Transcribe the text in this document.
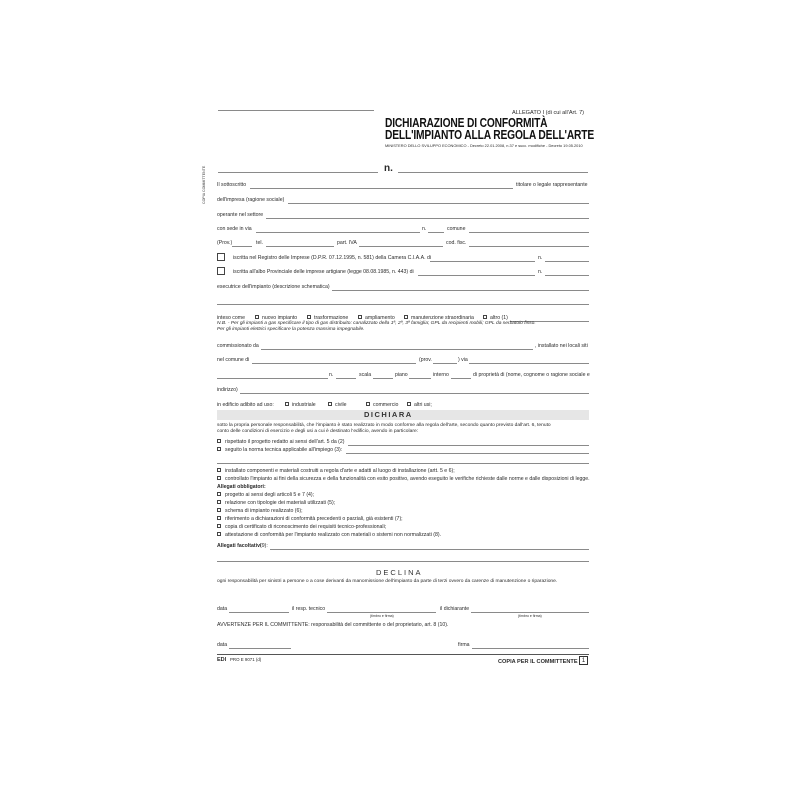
ALLEGATO I (di cui all'Art. 7)
DICHIARAZIONE DI CONFORMITÀ
DELL'IMPIANTO ALLA REGOLA DELL'ARTE
MINISTERO DELLO SVILUPPO ECONOMICO - Decreto 22.01.2008, n.37 e succ. modifiche - Decreto 19.05.2010
n.
COPIA COMMITTENTE Il sottoscritto	titolare o legale rappresentante
dell'impresa (ragione sociale)
operante nel settore
con sede in via	n.	comune
(Prov.)	tel.	part. IVA	cod. fisc.
iscritta nel Registro delle Imprese (D.P.R. 07.12.1995, n. 581) della Camera C.I.A.A. di	n.
iscritta all'albo Provinciale delle imprese artigiane (legge 08.08.1985, n. 443) di	n.
esecutrice dell'impianto (descrizione schematica)
inteso come	nuovo impianto	trasformazione	ampliamento	manutenzione straordinaria	altro (1)
N.B. - Per gli impianti a gas specificare il tipo di gas distribuito: canalizzato della 1ª, 2ª, 3ª famiglia; GPL da recipienti mobili; GPL da serbatoio fisso.
Per gli impianti elettrici specificare la potenza massima impegnabile.
commissionato da	, installato nei locali siti
nel comune di	(prov.	) via
n.	scala	piano	interno	di proprietà di (nome, cognome o ragione sociale e
indirizzo)
in edificio adibito ad uso:	industriale	civile	commercio	altri usi;
DICHIARA
sotto la propria personale responsabilità, che l'impianto è stato realizzato in modo conforme alla regola dell'arte, secondo quanto previsto dall'art. 6, tenuto
conto delle condizioni di esercizio e degli usi a cui è destinato l'edificio, avendo in particolare:
rispettato il progetto redatto ai sensi dell'art. 5 da (2)
seguito la norma tecnica applicabile all'impiego (3):
installato componenti e materiali costruiti a regola d'arte e adatti al luogo di installazione (artt. 5 e 6);
controllato l'impianto ai fini della sicurezza e della funzionalità con esito positivo, avendo eseguito le verifiche richieste dalle norme e dalle disposizioni di legge.
Allegati obbligatori:
progetto ai sensi degli articoli 5 e 7 (4);
relazione con tipologie dei materiali utilizzati (5);
schema di impianto realizzato (6);
riferimento a dichiarazioni di conformità precedenti o parziali, già esistenti (7);
copia di certificato di riconoscimento dei requisiti tecnico-professionali;
attestazione di conformità per l'impianto realizzato con materiali o sistemi non normalizzati (8).
Allegati facoltativi
(9):
DECLINA
ogni responsabilità per sinistri a persone o a cose derivanti da manomissione dell'impianto da parte di terzi ovvero da carenze di manutenzione o riparazione.
data	il resp. tecnico
(timbro e firma)
il dichiarante
(timbro e firma)
AVVERTENZE PER IL COMMITTENTE: responsabilità del committente o del proprietario, art. 8 (10).
data	firma
EDI PRO E 9071 (d)	COPIA PER IL COMMITTENTE 1
